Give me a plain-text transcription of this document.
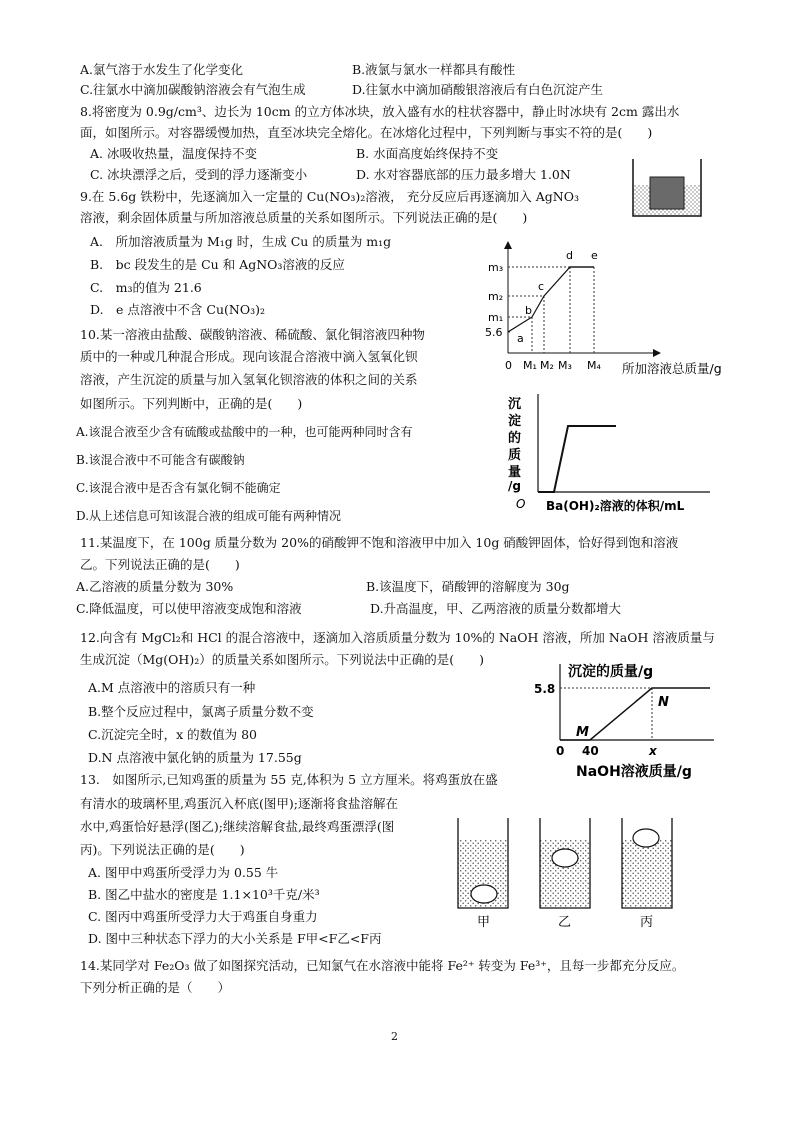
A.氯气溶于水发生了化学变化	B.液氯与氯水一样都具有酸性
C.往氯水中滴加碳酸钠溶液会有气泡生成	D.往氯水中滴加硝酸银溶液后有白色沉淀产生
8.将密度为 0.9g/cm³、边长为 10cm 的立方体冰块，放入盛有水的柱状容器中，静止时冰块有 2cm 露出水
面，如图所示。对容器缓慢加热，直至冰块完全熔化。在冰熔化过程中，下列判断与事实不符的是(　　)
A. 冰吸收热量，温度保持不变	B. 水面高度始终保持不变
C. 冰块漂浮之后，受到的浮力逐渐变小	D. 水对容器底部的压力最多增大 1.0N
9.在 5.6g 铁粉中，先逐滴加入一定量的 Cu(NO₃)₂溶液， 充分反应后再逐滴加入 AgNO₃
溶液，剩余固体质量与所加溶液总质量的关系如图所示。下列说法正确的是(　　)
A.　所加溶液质量为 M₁g 时，生成 Cu 的质量为 m₁g
B.　bc 段发生的是 Cu 和 AgNO₃溶液的反应
C.　m₃的值为 21.6
D.　e 点溶液中不含 Cu(NO₃)₂
m₃
m₂
m₁
5.6
0 M₁ M₂ M₃ M₄
a
b
c
d e
所加溶液总质量/g
10.某一溶液由盐酸、碳酸钠溶液、稀硫酸、氯化铜溶液四种物
质中的一种或几种混合形成。现向该混合溶液中滴入氢氧化钡
溶液，产生沉淀的质量与加入氢氧化钡溶液的体积之间的关系
如图所示。下列判断中，正确的是(　　)
A.该混合液至少含有硫酸或盐酸中的一种，也可能两种同时含有
B.该混合液中不可能含有碳酸钠
C.该混合液中是否含有氯化铜不能确定
D.从上述信息可知该混合液的组成可能有两种情况
沉
淀
的
质
量
/g
O Ba(OH)₂溶液的体积/mL
11.某温度下，在 100g 质量分数为 20%的硝酸钾不饱和溶液甲中加入 10g 硝酸钾固体，恰好得到饱和溶液
乙。下列说法正确的是(　　)
A.乙溶液的质量分数为 30%	B.该温度下，硝酸钾的溶解度为 30g
C.降低温度，可以使甲溶液变成饱和溶液	D.升高温度，甲、乙两溶液的质量分数都增大
12.向含有 MgCl₂和 HCl 的混合溶液中，逐滴加入溶质质量分数为 10%的 NaOH 溶液，所加 NaOH 溶液质量与
生成沉淀（Mg(OH)₂）的质量关系如图所示。下列说法中正确的是(　　)
A.M 点溶液中的溶质只有一种
B.整个反应过程中，氯离子质量分数不变
C.沉淀完全时，x 的数值为 80
D.N 点溶液中氯化钠的质量为 17.55g
沉淀的质量/g
5.8
0 40	x
M
N
NaOH溶液质量/g
13.　如图所示,已知鸡蛋的质量为 55 克,体积为 5 立方厘米。将鸡蛋放在盛
有清水的玻璃杯里,鸡蛋沉入杯底(图甲);逐渐将食盐溶解在
水中,鸡蛋恰好悬浮(图乙);继续溶解食盐,最终鸡蛋漂浮(图
丙)。下列说法正确的是(　　)
A. 图甲中鸡蛋所受浮力为 0.55 牛
B. 图乙中盐水的密度是 1.1×10³千克/米³
C. 图丙中鸡蛋所受浮力大于鸡蛋自身重力
D. 图中三种状态下浮力的大小关系是 F甲<F乙<F丙
甲	乙	丙
14.某同学对 Fe₂O₃ 做了如图探究活动，已知氯气在水溶液中能将 Fe²⁺ 转变为 Fe³⁺，且每一步都充分反应。
下列分析正确的是（　　）
2
